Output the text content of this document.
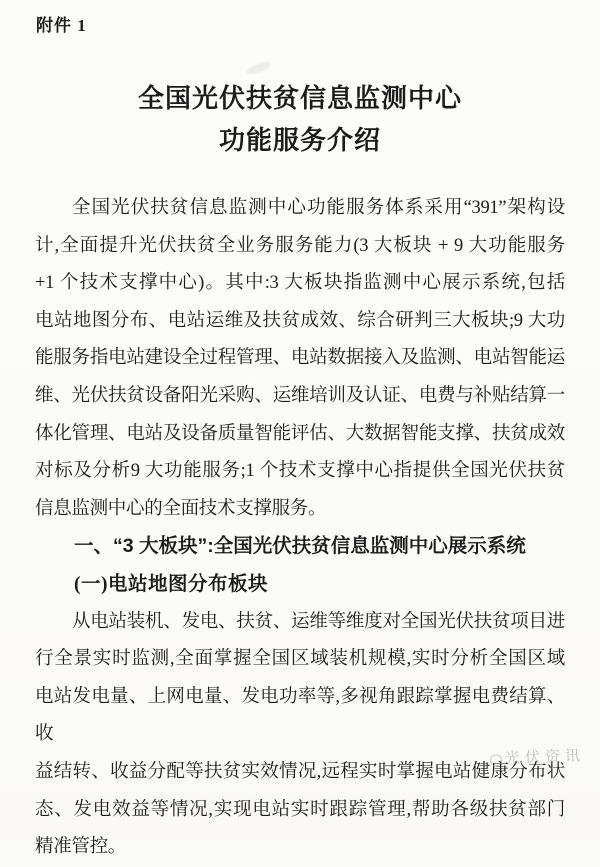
附件 1
全国光伏扶贫信息监测中心
功能服务介绍
全国光伏扶贫信息监测中心功能服务体系采用“391”架构设
计,全面提升光伏扶贫全业务服务能力(3 大板块 + 9 大功能服务
+1 个技术支撑中心)。其中:3 大板块指监测中心展示系统,包括
电站地图分布、电站运维及扶贫成效、综合研判三大板块;9 大功
能服务指电站建设全过程管理、电站数据接入及监测、电站智能运
维、光伏扶贫设备阳光采购、运维培训及认证、电费与补贴结算一
体化管理、电站及设备质量智能评估、大数据智能支撑、扶贫成效
对标及分析9 大功能服务;1 个技术支撑中心指提供全国光伏扶贫
信息监测中心的全面技术支撑服务。
一、“3 大板块”:全国光伏扶贫信息监测中心展示系统
(一)电站地图分布板块
从电站装机、发电、扶贫、运维等维度对全国光伏扶贫项目进
行全景实时监测,全面掌握全国区域装机规模,实时分析全国区域
电站发电量、上网电量、发电功率等,多视角跟踪掌握电费结算、收
益结转、收益分配等扶贫实效情况,远程实时掌握电站健康分布状
态、发电效益等情况,实现电站实时跟踪管理,帮助各级扶贫部门
精准管控。
光伏资讯
